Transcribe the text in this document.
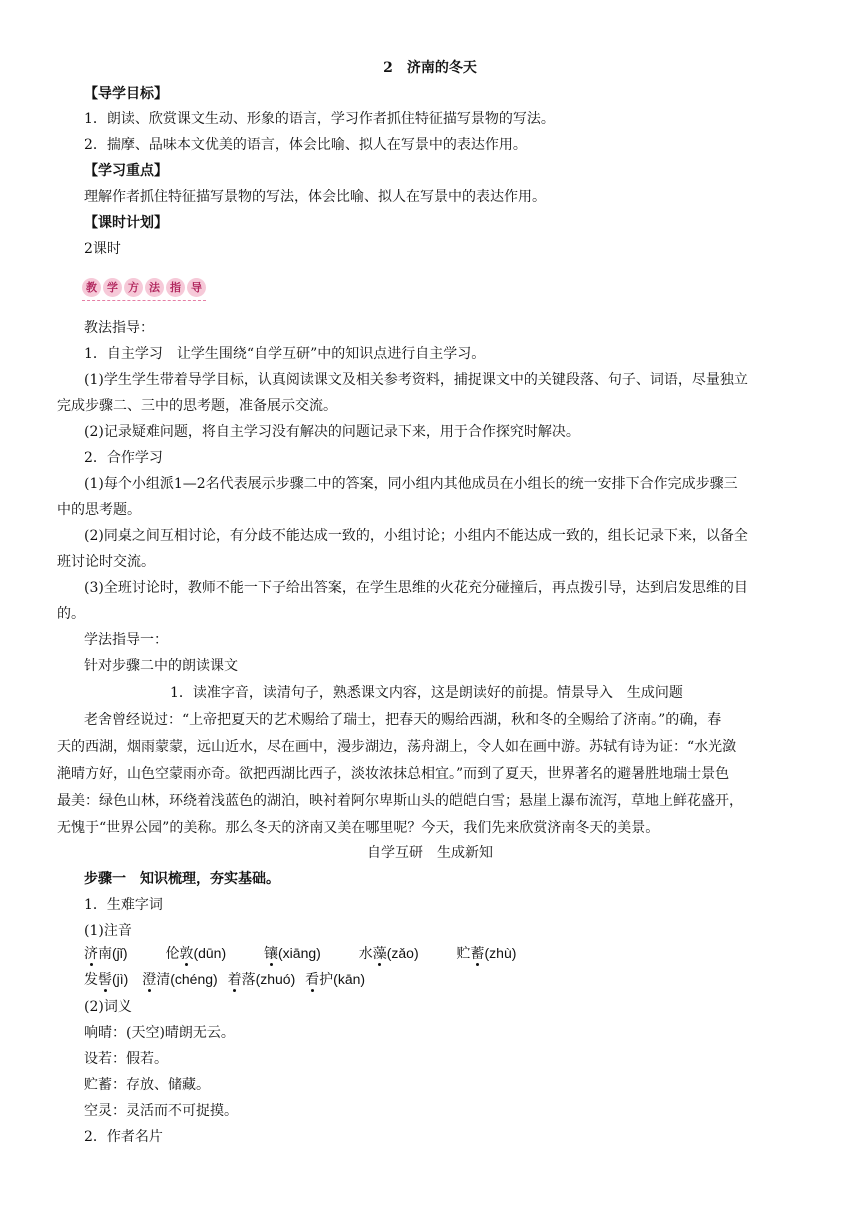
2　济南的冬天
【导学目标】
1．朗读、欣赏课文生动、形象的语言，学习作者抓住特征描写景物的写法。
2．揣摩、品味本文优美的语言，体会比喻、拟人在写景中的表达作用。
【学习重点】
理解作者抓住特征描写景物的写法，体会比喻、拟人在写景中的表达作用。
【课时计划】
2课时
教 学 方 法 指 导
教法指导：
1．自主学习　让学生围绕“自学互研”中的知识点进行自主学习。
(1)学生学生带着导学目标，认真阅读课文及相关参考资料，捕捉课文中的关键段落、句子、词语，尽量独立
完成步骤二、三中的思考题，准备展示交流。
(2)记录疑难问题，将自主学习没有解决的问题记录下来，用于合作探究时解决。
2．合作学习
(1)每个小组派1—2名代表展示步骤二中的答案，同小组内其他成员在小组长的统一安排下合作完成步骤三
中的思考题。
(2)同桌之间互相讨论，有分歧不能达成一致的，小组讨论；小组内不能达成一致的，组长记录下来，以备全
班讨论时交流。
(3)全班讨论时，教师不能一下子给出答案，在学生思维的火花充分碰撞后，再点拨引导，达到启发思维的目
的。
学法指导一：
针对步骤二中的朗读课文
1．读准字音，读清句子，熟悉课文内容，这是朗读好的前提。情景导入　生成问题
老舍曾经说过：“上帝把夏天的艺术赐给了瑞士，把春天的赐给西湖，秋和冬的全赐给了济南。”的确，春
天的西湖，烟雨蒙蒙，远山近水，尽在画中，漫步湖边，荡舟湖上，令人如在画中游。苏轼有诗为证：“水光潋
滟晴方好，山色空蒙雨亦奇。欲把西湖比西子，淡妆浓抹总相宜。”而到了夏天，世界著名的避暑胜地瑞士景色
最美：绿色山林，环绕着浅蓝色的湖泊，映衬着阿尔卑斯山头的皑皑白雪；悬崖上瀑布流泻，草地上鲜花盛开，
无愧于“世界公园”的美称。那么冬天的济南又美在哪里呢？今天，我们先来欣赏济南冬天的美景。
自学互研　生成新知
步骤一　知识梳理，夯实基础。
1．生难字词
(1)注音
济南(jǐ)	伦敦(dūn)	镶(xiāng)	水藻(zǎo)	贮蓄(zhù)
发髻(jì) 澄清(chéng) 着落(zhuó) 看护(kān)
(2)词义
响晴：(天空)晴朗无云。
设若：假若。
贮蓄：存放、储藏。
空灵：灵活而不可捉摸。
2．作者名片
